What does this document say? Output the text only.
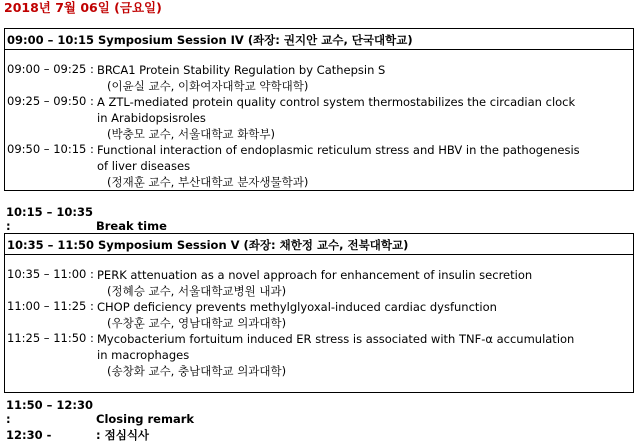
2018년 7월 06일 (금요일)
09:00 – 10:15 Symposium Session IV (좌장: 권지안 교수, 단국대학교)
09:00 – 09:25 : BRCA1 Protein Stability Regulation by Cathepsin S
(이윤실 교수, 이화여자대학교 약학대학)
09:25 – 09:50 : A ZTL-mediated protein quality control system thermostabilizes the circadian clock
in Arabidopsisroles
(박충모 교수, 서울대학교 화학부)
09:50 – 10:15 : Functional interaction of endoplasmic reticulum stress and HBV in the pathogenesis
of liver diseases
(정재훈 교수, 부산대학교 분자생물학과)
10:15 – 10:35 :	Break time
10:35 – 11:50 Symposium Session V (좌장: 채한정 교수, 전북대학교)
10:35 – 11:00 : PERK attenuation as a novel approach for enhancement of insulin secretion
(정혜승 교수, 서울대학교병원 내과)
11:00 – 11:25 : CHOP deficiency prevents methylglyoxal-induced cardiac dysfunction
(우창훈 교수, 영남대학교 의과대학)
11:25 – 11:50 : Mycobacterium fortuitum induced ER stress is associated with TNF-α accumulation
in macrophages
(송창화 교수, 충남대학교 의과대학)
11:50 – 12:30 :	Closing remark
12:30 -	: 점심식사
